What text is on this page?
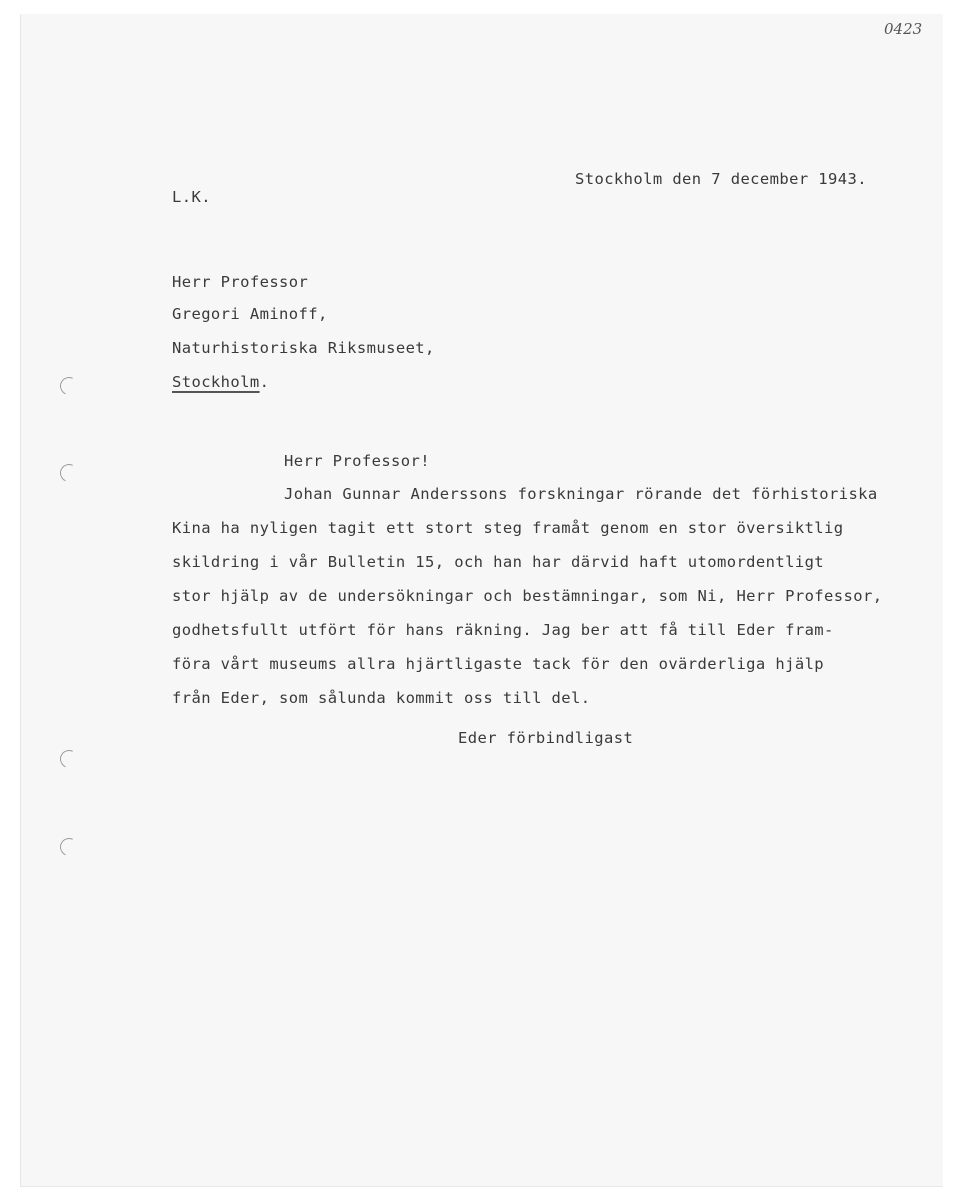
0423
Stockholm den 7 december 1943.
L.K.
Herr Professor
Gregori Aminoff,
Naturhistoriska Riksmuseet,
Stockholm.
Herr Professor!
Johan Gunnar Anderssons forskningar rörande det förhistoriska
Kina ha nyligen tagit ett stort steg framåt genom en stor översiktlig
skildring i vår Bulletin 15, och han har därvid haft utomordentligt
stor hjälp av de undersökningar och bestämningar, som Ni, Herr Professor,
godhetsfullt utfört för hans räkning. Jag ber att få till Eder fram-
föra vårt museums allra hjärtligaste tack för den ovärderliga hjälp
från Eder, som sålunda kommit oss till del.
Eder förbindligast
